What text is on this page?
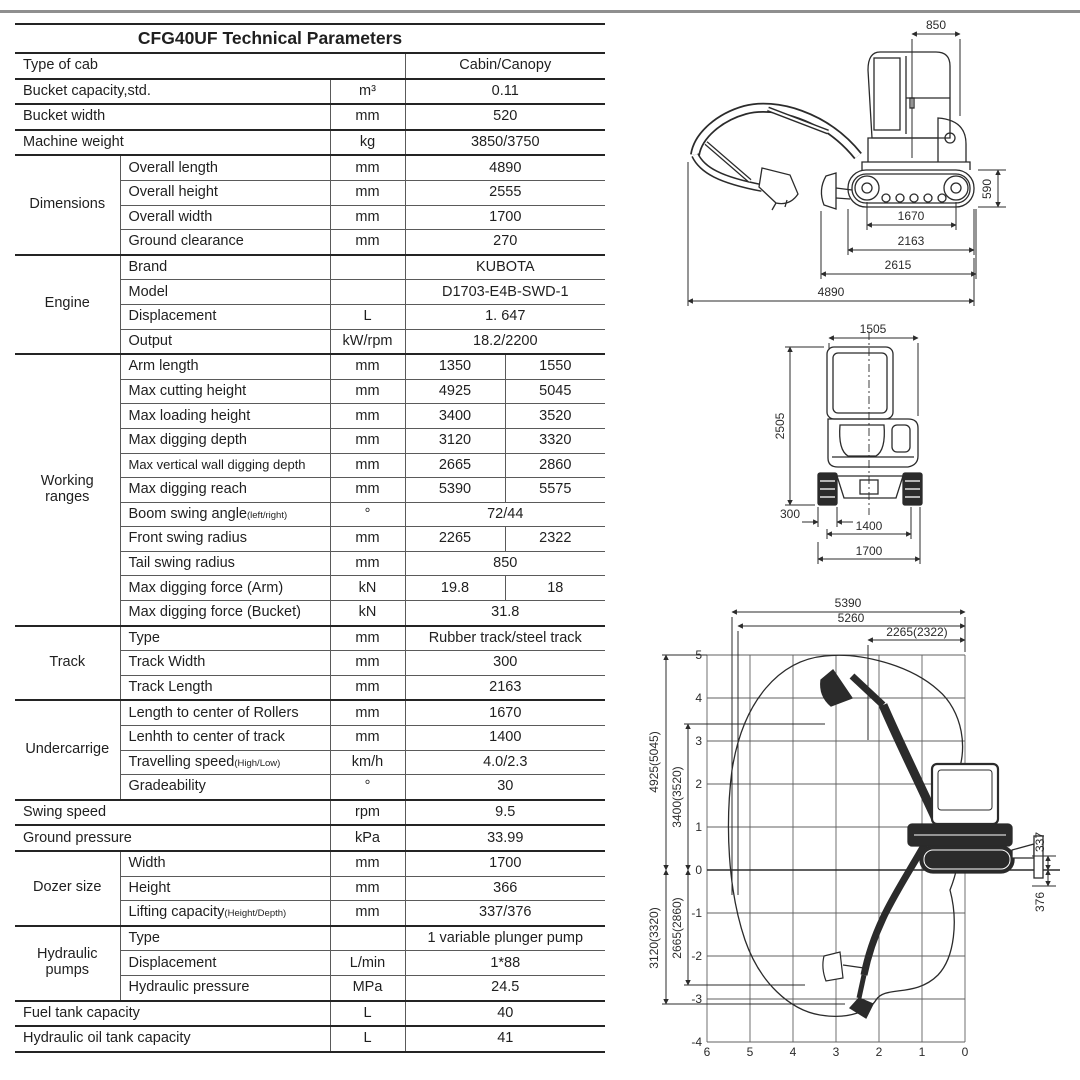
CFG40UF Technical Parameters				
Type of cab			Cabin/Canopy	
Bucket capacity,std.		m³	0.11	
Bucket width		mm	520	
Machine weight		kg	3850/3750	
Dimensions	Overall length	mm	4890	
	Overall height	mm	2555	
	Overall width	mm	1700	
	Ground clearance	mm	270	
Engine	Brand		KUBOTA	
	Model		D1703-E4B-SWD-1	
	Displacement	L	1. 647	
	Output	kW/rpm	18.2/2200	
Working ranges	Arm length	mm	1350	1550
	Max cutting height	mm	4925	5045
	Max loading height	mm	3400	3520
	Max digging depth	mm	3120	3320
	Max vertical wall digging depth	mm	2665	2860
	Max digging reach	mm	5390	5575
	Boom swing angle(left/right)	°	72/44	
	Front swing radius	mm	2265	2322
	Tail swing radius	mm	850	
	Max digging force (Arm)	kN	19.8	18
	Max digging force (Bucket)	kN	31.8	
Track	Type	mm	Rubber track/steel track	
	Track Width	mm	300	
	Track Length	mm	2163	
Undercarrige	Length to center of Rollers	mm	1670	
	Lenhth to center of track	mm	1400	
	Travelling speed(High/Low)	km/h	4.0/2.3	
	Gradeability	°	30	
Swing speed		rpm	9.5	
Ground pressure		kPa	33.99	
Dozer size	Width	mm	1700	
	Height	mm	366	
	Lifting capacity(Height/Depth)	mm	337/376	
Hydraulic pumps	Type		1 variable plunger pump	
	Displacement	L/min	1*88	
	Hydraulic pressure	MPa	24.5	
Fuel tank capacity		L	40	
Hydraulic oil tank capacity		L	41	
850
590
1670
2163
2615
4890
1505
2505
300
1400
1700
5
4
3
2
1
0
-1
-2
-3
-4
6	5	4	3	2	1	0
5390
5260
2265(2322)
4925(5045)
3400(3520)
3120(3320) 2665(2860)
337
376
